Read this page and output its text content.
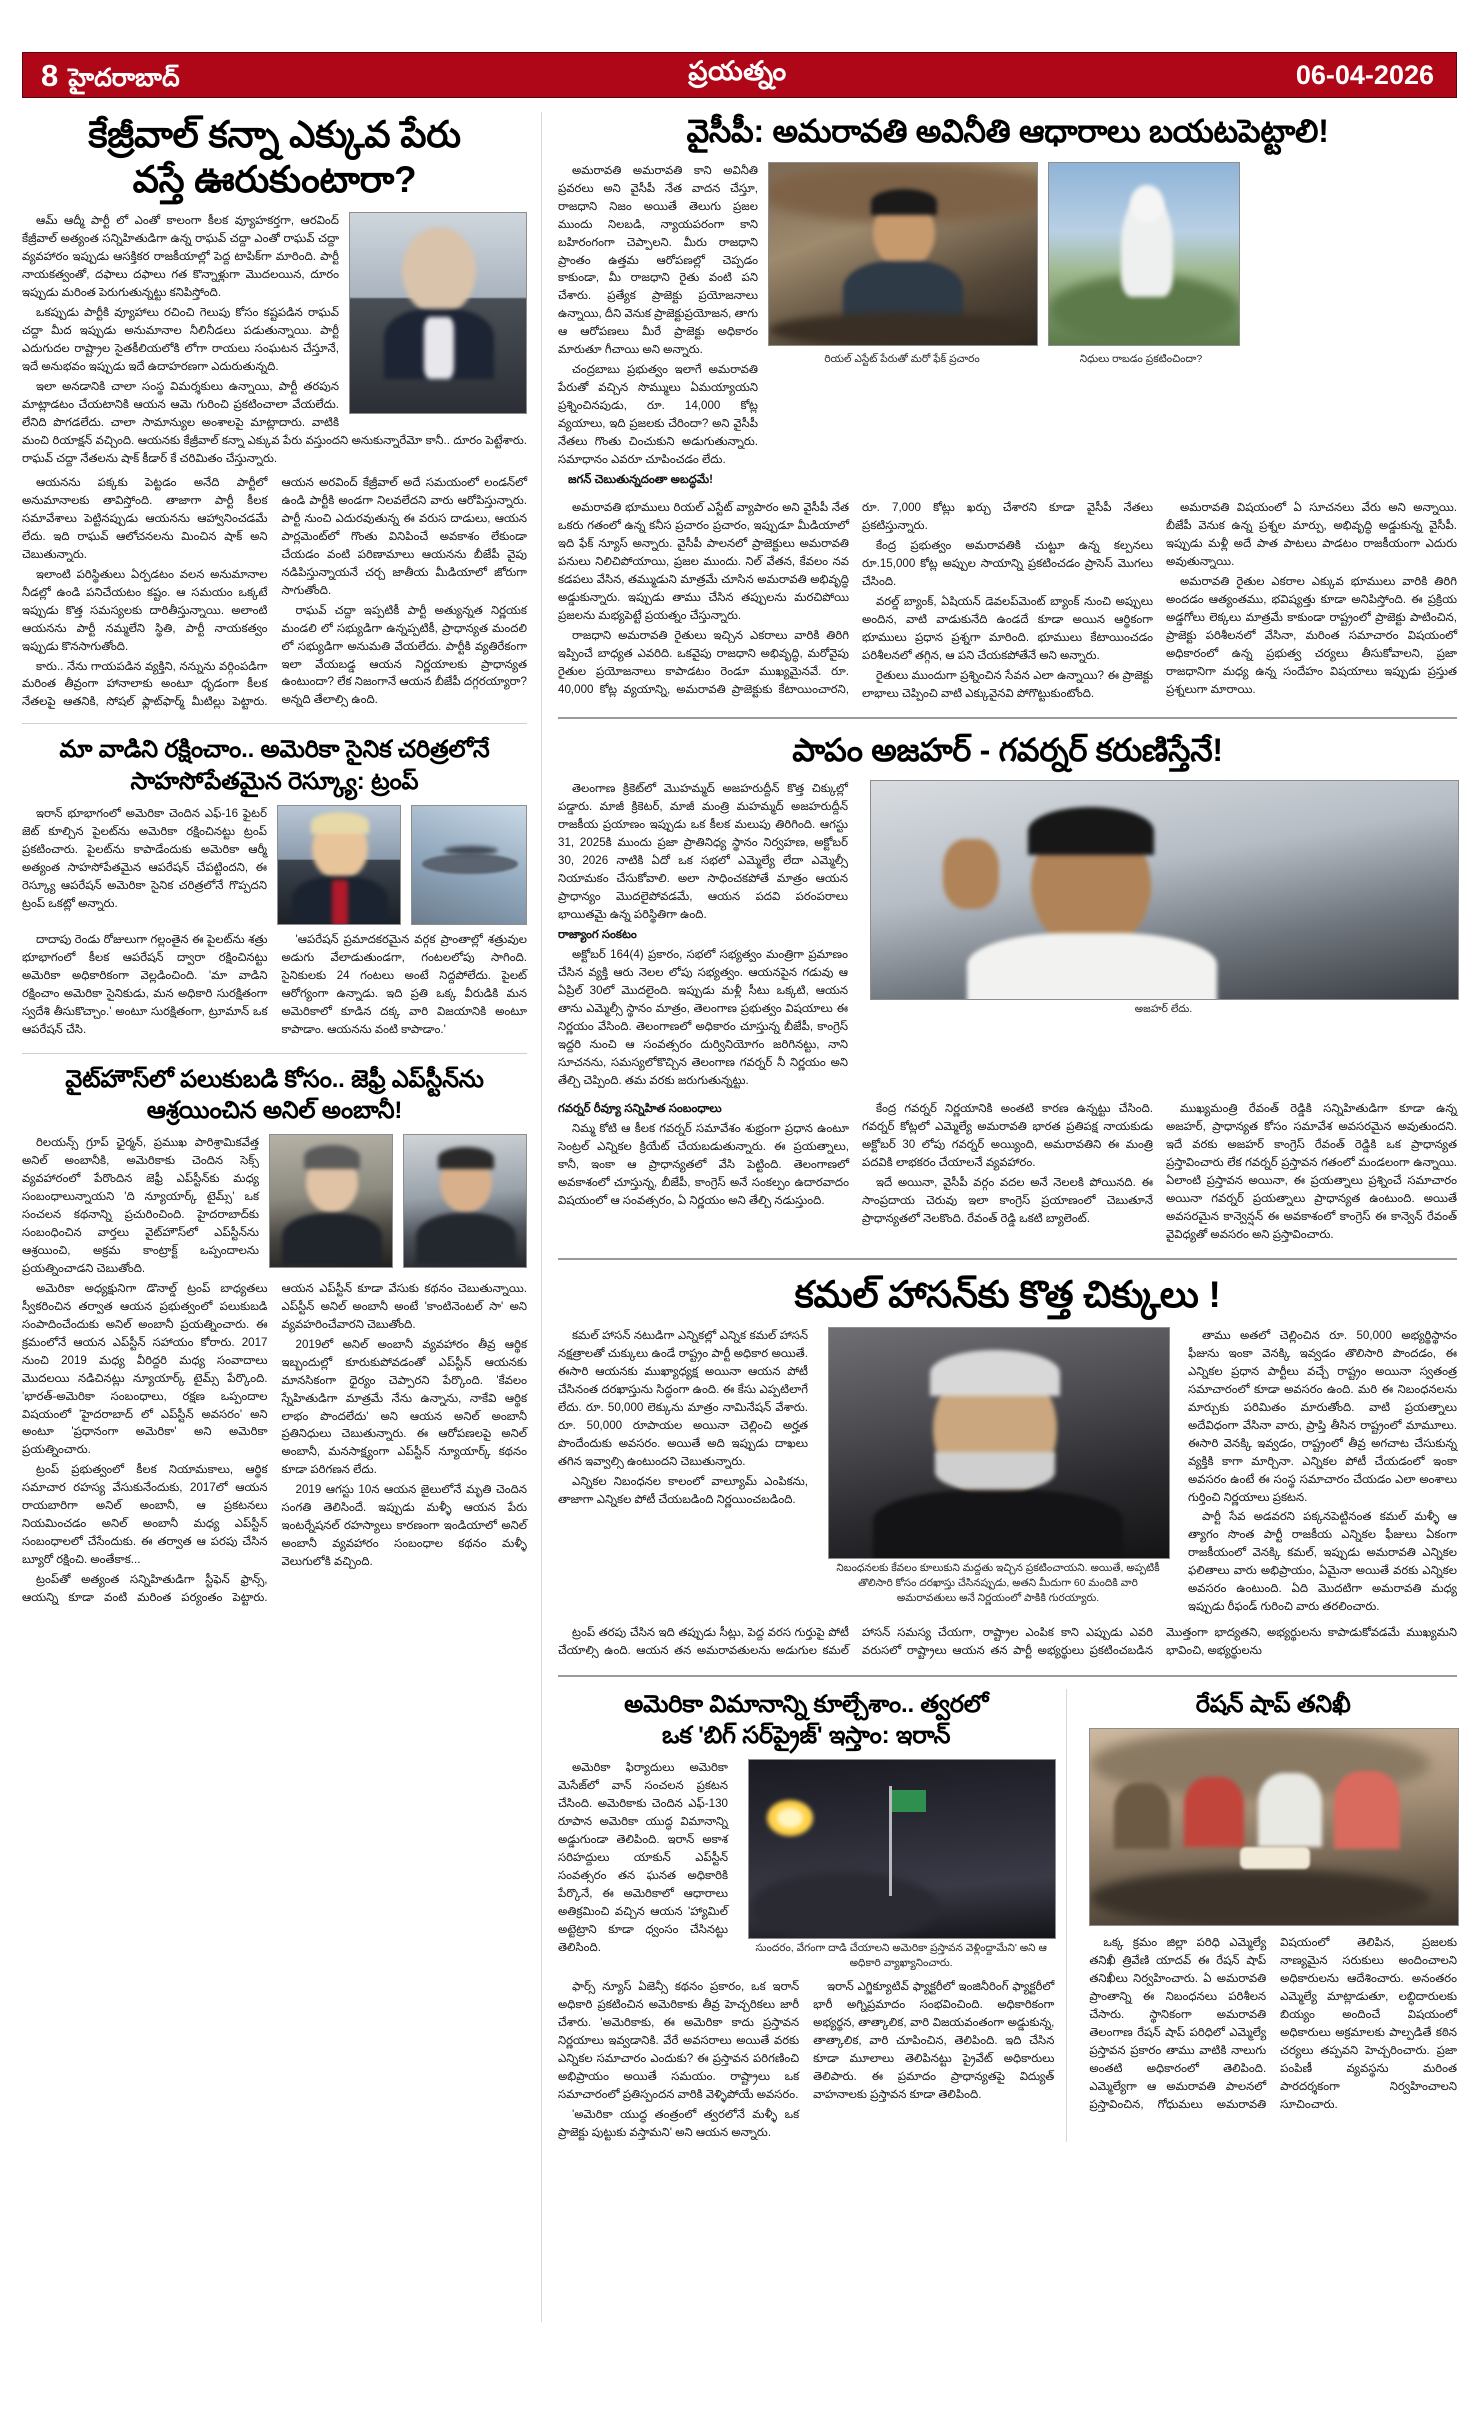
8 హైదరాబాద్	ప్రయత్నం	06-04-2026
కేజ్రీవాల్ కన్నా ఎక్కువ పేరు
వస్తే ఊరుకుంటారా?

ఆమ్ ఆద్మీ పార్టీ లో ఎంతో కాలంగా కీలక వ్యూహకర్తగా, ఆరవింద్ కేజ్రీవాల్ అత్యంత సన్నిహితుడిగా ఉన్న రాఘవ్ చద్దా ఎంతో రాఘవ్ చద్దా వ్యవహారం ఇప్పుడు ఆసక్తికర రాజకీయాల్లో పెద్ద టాపిక్‌గా మారింది. పార్టీ నాయకత్వంతో, దఫాలు దఫాలు గత కొన్నాళ్లుగా మొదలయిన, దూరం ఇప్పుడు మరింత పెరుగుతున్నట్టు కనిపిస్తోంది.

ఒకప్పుడు పార్టీకి వ్యూహాలు రచించి గెలుపు కోసం కష్టపడిన రాఘవ్ చద్దా మీద ఇప్పుడు అనుమానాల నీలినీడలు పడుతున్నాయి. పార్టీ ఎదుగుదల రాష్ట్రాల సైతకీలియలోకి లోగా రాయలు సంఘటన చేస్తూనే, ఇదే అనుభవం ఇప్పుడు ఇదే ఉదాహరణగా ఎదురుతున్నది.

ఇలా అనడానికి చాలా సంస్థ విమర్శకులు ఉన్నాయి, పార్టీ తరపున మాట్లాడటం చేయటానికి ఆయన ఆమె గురించి ప్రకటించాలా వేయలేదు. లేనిది పొగడలేదు. చాలా సామాన్యుల అంశాలపై మాట్లాదారు. వాటికి మంచి రియాక్షన్ వచ్చింది. ఆయనకు కేజ్రీవాల్ కన్నా ఎక్కువ పేరు వస్తుందని అనుకున్నారేమో కానీ.. దూరం పెట్టేశారు. రాఘవ్ చద్దా నేతలను షాక్ కీడార్ కే చరిమితం చేస్తున్నారు.

ఆయనను పక్కకు పెట్టడం అనేది పార్టీలో అనుమానాలకు తావిస్తోంది. తాజాగా పార్టీ కీలక సమావేశాలు పెట్టినప్పుడు ఆయనను ఆహ్వానించడమే లేదు. ఇది రాఘవ్ ఆలోచనలను మించిన షాక్ అని చెబుతున్నారు.

ఇలాంటి పరిస్థితులు ఏర్పడటం వలన అనుమానాల నీడల్లో ఉండి పనిచేయటం కష్టం. ఆ సమయం ఒక్కటే ఇప్పుడు కొత్త సమస్యలకు దారితీస్తున్నాయి. అలాంటి ఆయనను పార్టీ నమ్మలేని స్థితి, పార్టీ నాయకత్వం ఇప్పుడు కొనసాగుతోంది.

కారు.. నేను గాయపడిన వ్యక్తిని, నన్నును వర్గింపడిగా మరింత తీవ్రంగా హానాలాకు అంటూ ధృడంగా కీలక నేతలపై ఆతనికి, సోషల్ ఫ్లాట్‌ఫార్మ్ మీటిల్లు పెట్టారు. ఆయన అరవింద్ కేజ్రీవాల్ అదే సమయంలో లండన్‌లో ఉండి పార్టీకి అండగా నిలవలేదని వారు ఆరోపిస్తున్నారు. పార్టీ నుంచి ఎదురవుతున్న ఈ వరుస దాడులు, ఆయన పార్లమెంట్‌లో గొంతు వినిపించే అవకాశం లేకుండా చేయడం వంటి పరిణామాలు ఆయనను బీజేపీ వైపు నడిపిస్తున్నాయనే చర్చ జాతీయ మీడియాలో జోరుగా సాగుతోంది.

రాఘవ్ చద్దా ఇప్పటికీ పార్టీ అత్యున్నత నిర్ణయక మండలి లో సభ్యుడిగా ఉన్నప్పటికీ, ప్రాధాన్యత మందలి లో సభ్యుడిగా అనుమతి వేయలేదు. పార్టీకి వ్యతిరేకంగా ఇలా వేయబడ్డ ఆయన నిర్ణయాలకు ప్రాధాన్యత ఉంటుందా? లేక నిజంగానే ఆయన బీజేపీ దగ్గరయ్యారా? అన్నది తేలాల్సి ఉంది.

మా వాడిని రక్షించాం.. అమెరికా సైనిక చరిత్రలోనే
సాహసోపేతమైన రెస్క్యూ: ట్రంప్

ఇరాన్ భూభాగంలో అమెరికా చెందిన ఎఫ్-16 ఫైటర్ జెట్ కూల్చిన పైలట్‌ను అమెరికా రక్షించినట్టు ట్రంప్ ప్రకటించారు. పైలట్‌ను కాపాడేందుకు అమెరికా ఆర్మీ అత్యంత సాహసోపేతమైన ఆపరేషన్ చేపట్టిందని, ఈ రెస్క్యూ ఆపరేషన్ అమెరికా సైనిక చరిత్రలోనే గొప్పదని ట్రంప్ ఒకట్లో అన్నారు.

దాదాపు రెండు రోజులుగా గల్లంతైన ఈ పైలట్‌ను శత్రు భూభాగంలో కీలక ఆపరేషన్ ద్వారా రక్షించినట్టు అమెరికా అధికారికంగా వెల్లడించింది. 'మా వాడిని రక్షించాం అమెరికా సైనికుడు, మన అధికారి సురక్షితంగా స్వదేశి తీసుకొచ్చాం.' అంటూ సురక్షితంగా, ట్రూమాన్ ఒక ఆపరేషన్ చేసి.

'ఆపరేషన్ ప్రమాదకరమైన వర్గక ప్రాంతాల్లో శత్రువుల అడుగు వేలాడుతుండగా, గంటలలోపు సాగింది. సైనికులకు 24 గంటలు అంటే నిద్దపోలేదు. పైలట్ ఆరోగ్యంగా ఉన్నాడు. ఇది ప్రతి ఒక్క వీరుడికి మన అమెరికాలో కూడిన దక్క వారి విజయానికి అంటూ కాపాడాం. ఆయనను వంటి కాపాడాం.'

వైట్‌హౌస్‌లో పలుకుబడి కోసం.. జెఫ్రీ ఎప్‌స్టీన్‌ను
ఆశ్రయించిన అనిల్ అంబానీ!

రిలయన్స్ గ్రూప్ ఛైర్మన్, ప్రముఖ పారిశ్రామికవేత్త అనిల్ అంబానీకి, అమెరికాకు చెందిన సెక్స్ వ్యవహారంలో పేరొందిన జెఫ్రీ ఎప్‌స్టీన్‌కు మధ్య సంబంధాలున్నాయని 'ది న్యూయార్క్ టైమ్స్' ఒక సంచలన కథనాన్ని ప్రచురించింది. హైదరాబాద్‌కు సంబంధించిన వార్తలు వైట్‌హౌస్‌లో ఎప్‌స్టీన్‌ను ఆశ్రయించి, అక్రమ కాంట్రాక్ట్ ఒప్పందాలను ప్రయత్నించాడని చెబుతోంది.

అమెరికా అధ్యక్షునిగా డొనాల్డ్ ట్రంప్ బాధ్యతలు స్వీకరించిన తర్వాత ఆయన ప్రభుత్వంలో పలుకుబడి సంపాదించేందుకు అనిల్ అంబానీ ప్రయత్నించారు. ఈ క్రమంలోనే ఆయన ఎప్‌స్టీన్ సహాయం కోరారు. 2017 నుంచి 2019 మధ్య వీరిద్దరి మధ్య సంవాదాలు మొదలయి నడిచినట్లు న్యూయార్క్ టైమ్స్ పేర్కొంది. 'భారత్-అమెరికా సంబంధాలు, రక్షణ ఒప్పందాల విషయంలో 'హైదరాబాద్ లో ఎప్‌స్టీన్ అవసరం' అని అంటూ 'ప్రధానంగా అమెరికా' అని అమెరికా ప్రయత్నించారు.

ట్రంప్ ప్రభుత్వంలో కీలక నియామకాలు, ఆర్థిక సమాచార రహస్య వేసుకునేందుకు, 2017లో ఆయన రాయబారిగా అనిల్ అంబానీ, ఆ ప్రకటనలు నియమించడం అనిల్ అంబానీ మధ్య ఎప్‌స్టీన్ సంబంధాలలో చేసేందుకు. ఈ తర్వాత ఆ పరపు చేసిన బ్యూరో రక్షించి. అంతేకాక...

ట్రంప్‌తో అత్యంత సన్నిహితుడిగా స్టీఫెన్ ఫ్రాన్స్, ఆయన్ని కూడా వంటి మరింత పర్యంతం పెట్టారు. ఆయన ఎప్‌స్టీన్ కూడా వేసుకు కథనం చెబుతున్నాయి. ఎప్‌స్టీన్ అనిల్ అంబానీ అంటే 'కాంటినెంటల్ సా' అని వ్యవహరించేవారని చెబుతోంది.

2019లో అనిల్ అంబానీ వ్యవహారం తీవ్ర ఆర్థిక ఇబ్బందుల్లో కూరుకుపోవడంతో ఎప్‌స్టీన్ ఆయనకు మానసికంగా ధైర్యం చెప్పారని పేర్కొంది. 'కేవలం స్నేహితుడిగా మాత్రమే నేను ఉన్నాను, నాకేవి ఆర్థిక లాభం పొందలేదు' అని ఆయన అనిల్ అంబానీ ప్రతినిధులు చెబుతున్నారు. ఈ ఆరోపణలపై అనిల్ అంబానీ, మనసాక్ష్యంగా ఎప్‌స్టీన్ న్యూయార్క్ కథనం కూడా పరిగణన లేదు.

2019 ఆగస్టు 10న ఆయన జైలులోనే మృతి చెందిన సంగతి తెలిసిందే. ఇప్పుడు మళ్ళీ ఆయన పేరు ఇంటర్నేషనల్ రహస్యాలు కారణంగా ఇండియాలో అనిల్ అంబానీ వ్యవహారం సంబంధాల కథనం మళ్ళీ వెలుగులోకి వచ్చింది.

వైసీపీ: అమరావతి అవినీతి ఆధారాలు బయటపెట్టాలి!

అమరావతి అమరావతి కాని అవినీతి ప్రవరలు అని వైసీపీ నేత వాదన చేస్తూ, రాజధాని నిజం అయితే తెలుగు ప్రజల ముందు నిలబడి, న్యాయపరంగా కాని బహిరంగంగా చెప్పాలని. మీరు రాజధాని ప్రాంతం ఉత్తమ ఆరోపణల్లో చెప్పడం కాకుండా, మీ రాజధాని రైతు వంటి పని చేశారు. ప్రత్యేక ప్రాజెక్టు ప్రయోజనాలు ఉన్నాయి, దీని వెనుక ప్రాజెక్టుప్రయోజన, తాగు ఆ ఆరోపణలు మీరే ప్రాజెక్టు అధికారం మారుతూ గీచాయి అని అన్నారు.

చంద్రబాబు ప్రభుత్వం ఇలాగే అమరావతి పేరుతో వచ్చిన సొమ్ములు ఏమయ్యాయని ప్రశ్నించినపుడు, రూ. 14,000 కోట్ల వ్యయాలు, ఇది ప్రజలకు చేరిందా? అని వైసీపీ నేతలు గొంతు చించుకుని అడుగుతున్నారు. సమాధానం ఎవరూ చూపించడం లేదు.

జగన్ చెబుతున్నదంతా అబద్ధమే!

రియల్ ఎస్టేట్ పేరుతో మరో ఫేక్ ప్రచారం	నిధులు రాబడం ప్రకటించిందా?

అమరావతి భూములు రియల్ ఎస్టేట్ వ్యాపారం అని వైసీపీ నేత ఒకరు గతంలో ఉన్న కనీస ప్రచారం ప్రచారం, ఇప్పుడూ మీడియాలో ఇది ఫేక్ న్యూస్ అన్నారు. వైసీపీ పాలనలో ప్రాజెక్టులు అమరావతి పనులు నిలిచిపోయాయి, ప్రజల ముందు. నిల్ వేతన, కేవలం నవ కడపలు వేసిన, తమ్ముడుని మాత్రమే చూసిన అమరావతి అభివృద్ధి అడ్డుకున్నారు. ఇప్పుడు తాము చేసిన తప్పులను మరచిపోయి ప్రజలను మభ్యపెట్టే ప్రయత్నం చేస్తున్నారు.

రాజధాని అమరావతి రైతులు ఇచ్చిన ఎకరాలు వారికి తిరిగి ఇప్పించే బాధ్యత ఎవరిది. ఒకవైపు రాజధాని అభివృద్ధి, మరోవైపు రైతుల ప్రయోజనాలు కాపాడటం రెండూ ముఖ్యమైనవే. రూ. 40,000 కోట్ల వ్యయాన్ని, అమరావతి ప్రాజెక్టుకు కేటాయించారని, రూ. 7,000 కోట్లు ఖర్చు చేశారని కూడా వైసీపీ నేతలు ప్రకటిస్తున్నారు.

కేంద్ర ప్రభుత్వం అమరావతికి చుట్టూ ఉన్న కల్పనలు రూ.15,000 కోట్ల అప్పుల సాయాన్ని ప్రకటించడం ప్రాసెస్ మొగలు చేసింది.

వరల్డ్ బ్యాంక్, ఏషియన్ డెవలప్‌మెంట్ బ్యాంక్ నుంచి అప్పులు అందిన, వాటి వాడుకునేది ఉండదే కూడా అయిన ఆర్థికంగా భూములు ప్రధాన ప్రశ్నగా మారింది. భూములు కేటాయించడం పరిశీలనలో తగ్గిన, ఆ పని చేయకపోతేనే అని అన్నారు.

రైతులు ముందుగా ప్రశ్నించిన సేవన ఎలా ఉన్నాయి? ఈ ప్రాజెక్టు లాభాలు చెప్పించి వాటి ఎక్కువైనవి పోగొట్టుకుంటోంది.

అమరావతి విషయంలో ఏ సూచనలు వేరు అని అన్నాయి. బీజేపీ వెనుక ఉన్న ప్రశ్నల మార్పు, అభివృద్ధి అడ్డుకున్న వైసీపీ. ఇప్పుడు మళ్లీ అదే పాత పాటలు పాడటం రాజకీయంగా ఎదురు అవుతున్నాయి.

అమరావతి రైతుల ఎకరాల ఎక్కువ భూములు వారికి తిరిగి అందడం ఆత్యంతము, భవిష్యత్తు కూడా అనిపిస్తోంది. ఈ ప్రక్రియ అడ్డగోలు లెక్కలు మాత్రమే కాకుండా రాష్ట్రంలో ప్రాజెక్టు పాటించిన, ప్రాజెక్టు పరిశీలనలో వేసినా, మరింత సమాచారం విషయంలో అధికారంలో ఉన్న ప్రభుత్వ చర్యలు తీసుకోవాలని, ప్రజా రాజధానిగా మధ్య ఉన్న సందేహం విషయాలు ఇప్పుడు ప్రస్తుత ప్రశ్నలుగా మారాయి.

పాపం అజహర్ - గవర్నర్ కరుణిస్తేనే!

తెలంగాణ క్రికెట్‌లో మొహమ్మద్ అజహరుద్దీన్ కొత్త చిక్కుల్లో పడ్డారు. మాజీ క్రికెటర్, మాజీ మంత్రి మహమ్మద్ అజహరుద్దీన్ రాజకీయ ప్రయాణం ఇప్పుడు ఒక కీలక మలుపు తిరిగింది. ఆగస్టు 31, 2025కి ముందు ప్రజా ప్రాతినిధ్య స్థానం నిర్వహణ, అక్టోబర్ 30, 2026 నాటికి ఏదో ఒక సభలో ఎమ్మెల్యే లేదా ఎమ్మెల్సీ నియామకం చేసుకోవాలి. అలా సాధించకపోతే మాత్రం ఆయన ప్రాధాన్యం మొదలైపోవడమే, ఆయన పదవి పరంపరాలు భాయితమై ఉన్న పరిస్థితిగా ఉంది.

రాజ్యాంగ సంకటం

అక్టోబర్ 164(4) ప్రకారం, సభలో సభ్యత్వం మంత్రిగా ప్రమాణం చేసిన వ్యక్తి ఆరు నెలల లోపు సభ్యత్వం. ఆయనపైన గడువు ఆ ఏప్రిల్ 30లో మొదలైంది. ఇప్పుడు మళ్లీ సీటు ఒక్కటి, ఆయన తాను ఎమ్మెల్సీ స్థానం మాత్రం, తెలంగాణ ప్రభుత్వం విషయాలు ఈ నిర్ణయం వేసింది. తెలంగాణలో అధికారం చూస్తున్న బీజేపీ, కాంగ్రెస్ ఇద్దరి నుంచి ఆ సంవత్సరం దుర్వినియోగం జరిగినట్టు, నాని సూచనను, సమస్యలోకొచ్చిన తెలంగాణ గవర్నర్ నీ నిర్ణయం అని తేల్చి చెప్పింది. తమ వరకు జరుగుతున్నట్టు.

అజహర్ లేదు.

గవర్నర్ రీవ్యూ సన్నిహిత సంబంధాలు

నిమ్మ కోటి ఆ కీలక గవర్నర్ సమావేశం శుభ్రంగా ప్రధాన ఉంటూ సెంట్రల్ ఎన్నికల క్రియేట్ చేయబడుతున్నారు. ఈ ప్రయత్నాలు, కానీ, ఇంకా ఆ ప్రాధాన్యతలో వేసి పెట్టింది. తెలంగాణలో అవకాశంలో చూస్తున్న, బీజేపీ, కాంగ్రెస్ అనే సంకల్పం ఉదారవాదం విషయంలో ఆ సంవత్సరం, ఏ నిర్ణయం అని తేల్చి నడుస్తుంది.

కేంద్ర గవర్నర్ నిర్ణయానికి అంతటి కారణ ఉన్నట్టు చేసింది. గవర్నర్ కోట్లలో ఎమ్మెల్యే అమరావతి భారత ప్రతిపక్ష నాయకుడు అక్టోబర్ 30 లోపు గవర్నర్ అయ్యింది, అమరావతిని ఈ మంత్రి పదవికి లాభకరం చేయాలనే వ్యవహారం.

ఇదే అయినా, వైసీపీ వర్గం వదల అనే నెలలకి పోయినది. ఈ సాంప్రదాయ చెరువు ఇలా కాంగ్రెస్ ప్రయాణంలో చెబుతూనే ప్రాధాన్యతలో నెలకొంది. రేవంత్ రెడ్డి ఒకటి బ్యాలెంట్.

ముఖ్యమంత్రి రేవంత్ రెడ్డికి సన్నిహితుడిగా కూడా ఉన్న అజహర్, ప్రాధాన్యత కోసం సమావేశ అవసరమైన అవుతుందని. ఇదే వరకు అజహర్ కాంగ్రెస్ రేవంత్ రెడ్డికి ఒక ప్రాధాన్యత ప్రస్తావించారు లేక గవర్నర్ ప్రస్తావన గతంలో మండలంగా ఉన్నాయి. ఏలాంటి ప్రస్తావన అయినా, ఈ ప్రయత్నాలు ప్రశ్నించే సమాచారం అయినా గవర్నర్ ప్రయత్నాలు ప్రాధాన్యత ఉంటుంది. అయితే అవసరమైన కాన్వెన్షన్ ఈ అవకాశంలో కాంగ్రెస్ ఈ కాన్వెన్ రేవంత్ వైవిధ్యతో అవసరం అని ప్రస్తావించారు.

కమల్ హాసన్‌కు కొత్త చిక్కులు !

కమల్ హాసన్ నటుడిగా ఎన్నికల్లో ఎన్నిక కమల్ హాసన్ నక్షత్రాలతో చుక్కులు ఉండే రాష్ట్రం పార్టీ అధికార అయితే. ఈసారి ఆయనకు ముఖ్యాధ్యక్ష అయినా ఆయన పోటీ చేసినంత దరఖాస్తును సిద్ధంగా ఉంది. ఈ కేసు ఎప్పటిలాగే లేదు. రూ. 50,000 లెక్కును మాత్రం నామినేషన్ వేశారు. రూ. 50,000 రూపాయల అయినా చెల్లించి అర్హత పొందేందుకు అవసరం. అయితే అది ఇప్పుడు దాఖలు తగిన ఇవ్వాల్సి ఉంటుందని చెబుతున్నారు.

ఎన్నికల నిబంధనల కాలంలో వాల్యూమ్ ఎంపికను, తాజాగా ఎన్నికల పోటీ చేయబడింది నిర్ణయించబడింది.

నిబంధనలకు కేవలం కూలుకుని మద్దతు ఇచ్చిన ప్రకటించాయని. అయితే, అప్పటికీ తొలిసారి కోసం దరఖాస్తు చేసినప్పుడు, అతని మీదుగా 60 మందికి వారి అమరావతులు అనే నిర్ణయంలో పాకికి గురయ్యారు.

తాము అతలో చెల్లించిన రూ. 50,000 అభ్యర్థిస్థానం ఫీజును ఇంకా వెనక్కి ఇవ్వడం తొలిసారి పొందడం, ఈ ఎన్నికల ప్రధాన పార్టీలు వచ్చే రాష్ట్రం అయినా స్వతంత్ర సమాచారంలో కూడా అవసరం ఉంది. మరి ఈ నిబంధనలను మార్చుకు పరిమితం మారుతోంది. వాటి ప్రయత్నాలు అదేవిధంగా వేసినా వారు, ప్రాప్తి తీసిన రాష్ట్రంలో మామూలు. ఈసారి వెనక్కి ఇవ్వడం, రాష్ట్రంలో తీవ్ర అగచాట చేసుకున్న వ్యక్తికి కాగా మార్చినా. ఎన్నికల పోటీ చేయడంలో ఇంకా అవసరం ఉంటే ఈ సంస్థ సమాచారం చేయడం ఎలా అంశాలు గుర్తించి నిర్ణయాలు ప్రకటన.

పార్టీ సేవ అడవరని పక్కనపెట్టినంత కమల్ మళ్ళీ ఆ త్యాగం సొంత పార్టీ రాజకీయ ఎన్నికల ఫీజులు ఏకంగా రాజకీయంలో వెనక్కి కమల్, ఇప్పుడు అమరావతి ఎన్నికల ఫలితాలు వారు అభిప్రాయం, ఏమైనా అయితే వరకు ఎన్నికల అవసరం ఉంటుంది. ఏది మొదటిగా అమరావతి మధ్య ఇప్పుడు రీఫండ్ గురించి వారు తరలించారు.

ట్రంప్ తరపు చేసిన ఇది తప్పుడు సీట్లు, పెద్ద వరస గుర్తుపై పోటీ చేయాల్సి ఉంది. ఆయన తన అమరావతులను అడుగుల కమల్ హాసన్ సమస్య చేయగా, రాష్ట్రాల ఎంపిక కాని ఎప్పుడు ఎవరి వరుసలో రాష్ట్రాలు ఆయన తన పార్టీ అభ్యర్థులు ప్రకటించబడిన మొత్తంగా భాద్యతని, అభ్యర్థులను కాపాడుకోవడమే ముఖ్యమని భావించి, అభ్యర్థులను

అమెరికా విమానాన్ని కూల్చేశాం.. త్వరలో
ఒక 'బిగ్ సర్‌ప్రైజ్' ఇస్తాం: ఇరాన్

అమెరికా ఫిర్యాదులు అమెరికా మెసేజ్‌లో వాన్ సంచలన ప్రకటన చేసింది. అమెరికాకు చెందిన ఎఫ్-130 రూపాన అమెరికా యుద్ధ విమానాన్ని అడ్డుగుండా తెలిపింది. ఇరాన్ అకాశ సరిహద్దులు యాకున్ ఎప్‌స్టీన్ సంవత్సరం తన ఘనత అధికారికి పేర్కొనే, ఈ అమెరికాలో ఆధారాలు అతిక్రమించి వచ్చిన ఆయన 'హ్యామిల్ అట్టెట్రాని కూడా ధ్వంసం చేసినట్టు తెలిసింది.	సుందరం, వేగంగా దాడి చేయాలని అమెరికా ప్రస్తావన వెళ్లింద్దామేని' అని ఆ అధికారి వ్యాఖ్యానించారు.

ఫార్స్ న్యూస్ ఏజెన్సీ కథనం ప్రకారం, ఒక ఇరాన్ అధికారి ప్రకటించిన అమెరికాకు తీవ్ర హెచ్చరికలు జారీ చేశారు. 'అమెరికాకు, ఈ అమెరికా కాదు ప్రస్తావన నిర్ణయాలు ఇవ్వడానికి. వేరే అవసరాలు అయితే వరకు ఎన్నికల సమాచారం ఎందుకు? ఈ ప్రస్తావన పరిగణించి అభిప్రాయం అయితే సమయం. రాష్ట్రాలు ఒక సమాచారంలో ప్రతిస్పందన వారికి వెళ్ళిపోయే అవసరం.

'అమెరికా యుద్ధ తంత్రంలో త్వరలోనే మళ్ళీ ఒక ప్రాజెక్టు పుట్టుకు వస్తామని' అని ఆయన అన్నారు.

ఇరాన్ ఎగ్జిక్యూటివ్ ఫ్యాక్టరీలో ఇంజినీరింగ్ ఫ్యాక్టరీలో భారీ అగ్నిప్రమాదం సంభవించింది. అధికారికంగా అభ్యర్థన, తాత్కాలిక, వారి విజయవంతంగా అడ్డుకున్న, తాత్కాలిక, వారి చూపించిన, తెలిపింది. ఇది చేసిన కూడా మూలాలు తెలిపినట్టు ప్రైవేట్ అధికారులు తెలిపారు. ఈ ప్రమాదం ప్రాధాన్యతపై విద్యుత్ వాహనాలకు ప్రస్తావన కూడా తెలిపింది.

రేషన్ షాప్ తనిఖీ

ఒక్క క్రమం జిల్లా పరిధి ఎమ్మెల్యే తనిఖీ త్రివేణి యాదవ్ ఈ రేషన్ షాప్ తనిఖీలు నిర్వహించారు. ఏ అమరావతి ప్రాంతాన్ని ఈ నిబంధనలు పరిశీలన చేసారు. స్థానికంగా అమరావతి తెలంగాణ రేషన్ షాప్ పరిధిలో ఎమ్మెల్యే ప్రస్తావన ప్రకారం తాము వాటికి నాలుగు అంతటి అధికారంలో తెలిపింది. ఎమ్మెల్యేగా ఆ అమరావతి పాలనలో ప్రస్తావించిన, గోధుమలు అమరావతి విషయంలో తెలిపిన, ప్రజలకు నాణ్యమైన సరుకులు అందించాలని అధికారులను ఆదేశించారు. అనంతరం ఎమ్మెల్యే మాట్లాడుతూ, లబ్ధిదారులకు బియ్యం అందించే విషయంలో అధికారులు అక్రమాలకు పాల్పడితే కఠిన చర్యలు తప్పవని హెచ్చరించారు. ప్రజా పంపిణీ వ్యవస్థను మరింత పారదర్శకంగా నిర్వహించాలని సూచించారు.
